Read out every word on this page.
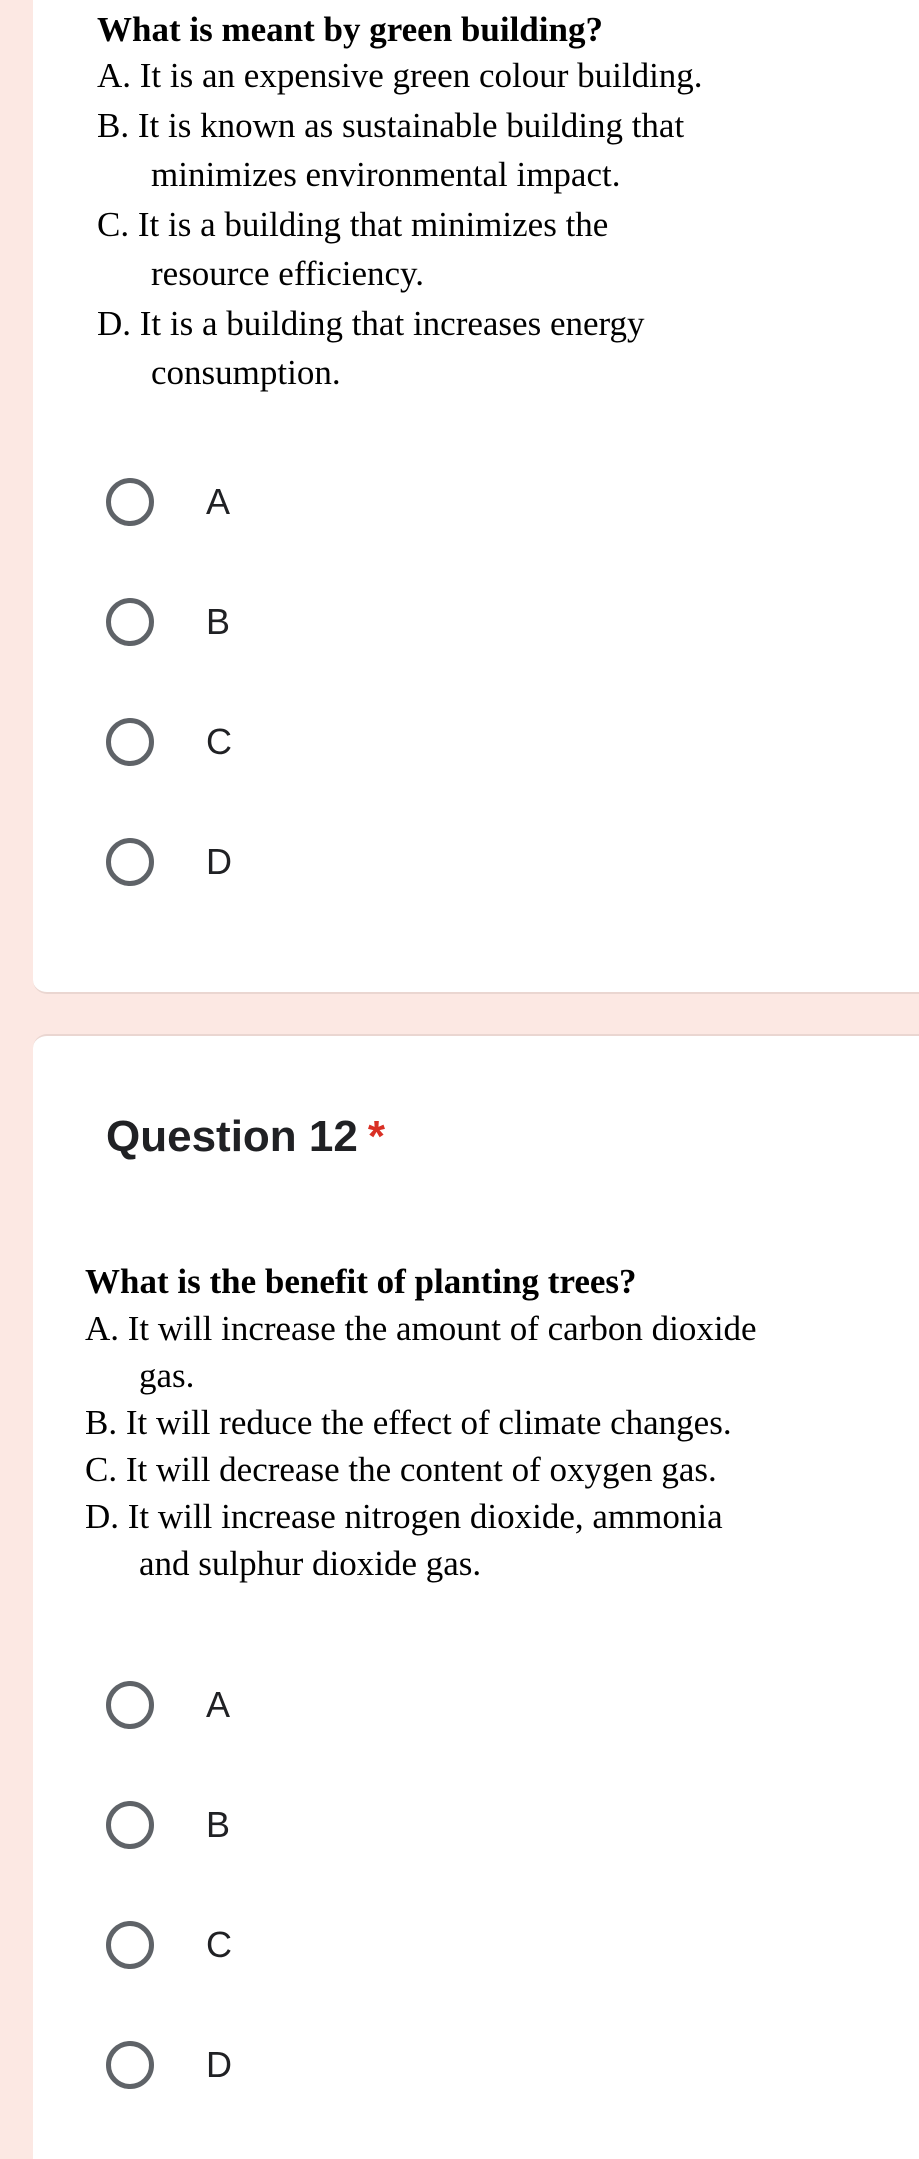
What is meant by green building?

A. It is an expensive green colour building.
B. It is known as sustainable building that
minimizes environmental impact.
C. It is a building that minimizes the
resource efficiency.
D. It is a building that increases energy
consumption.
A
B
C
D
Question 12 *

What is the benefit of planting trees?

A. It will increase the amount of carbon dioxide
gas.
B. It will reduce the effect of climate changes.
C. It will decrease the content of oxygen gas.
D. It will increase nitrogen dioxide, ammonia
and sulphur dioxide gas.
A
B
C
D
